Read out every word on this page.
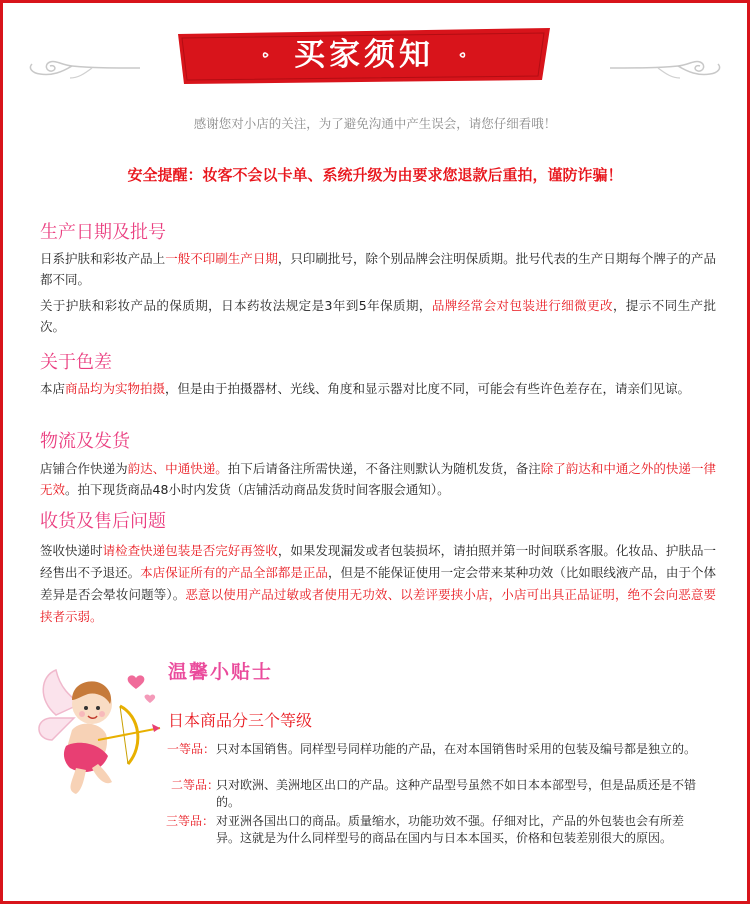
买家须知
感谢您对小店的关注，为了避免沟通中产生误会，请您仔细看哦！
安全提醒：妆客不会以卡单、系统升级为由要求您退款后重拍，谨防诈骗！
生产日期及批号

日系护肤和彩妆产品上一般不印刷生产日期，只印刷批号，除个别品牌会注明保质期。批号代表的生产日期每个牌子的产品都不同。

关于护肤和彩妆产品的保质期，日本药妆法规定是3年到5年保质期，品牌经常会对包装进行细微更改，提示不同生产批次。

关于色差

本店商品均为实物拍摄，但是由于拍摄器材、光线、角度和显示器对比度不同，可能会有些许色差存在，请亲们见谅。

物流及发货

店铺合作快递为韵达、中通快递。拍下后请备注所需快递，不备注则默认为随机发货，备注除了韵达和中通之外的快递一律无效。拍下现货商品48小时内发货（店铺活动商品发货时间客服会通知）。

收货及售后问题

签收快递时请检查快递包装是否完好再签收，如果发现漏发或者包装损坏，请拍照并第一时间联系客服。化妆品、护肤品一经售出不予退还。本店保证所有的产品全部都是正品，但是不能保证使用一定会带来某种功效（比如眼线液产品，由于个体差异是否会晕妆问题等）。恶意以使用产品过敏或者使用无功效、以差评要挟小店，小店可出具正品证明，绝不会向恶意要挟者示弱。

温馨小贴士
日本商品分三个等级
一等品： 只对本国销售。同样型号同样功能的产品，在对本国销售时采用的包装及编号都是独立的。
二等品：
只对欧洲、美洲地区出口的产品。这种产品型号虽然不如日本本部型号，但是品质还是不错的。
三等品： 对亚洲各国出口的商品。质量缩水，功能功效不强。仔细对比，产品的外包装也会有所差异。这就是为什么同样型号的商品在国内与日本本国买，价格和包装差别很大的原因。
